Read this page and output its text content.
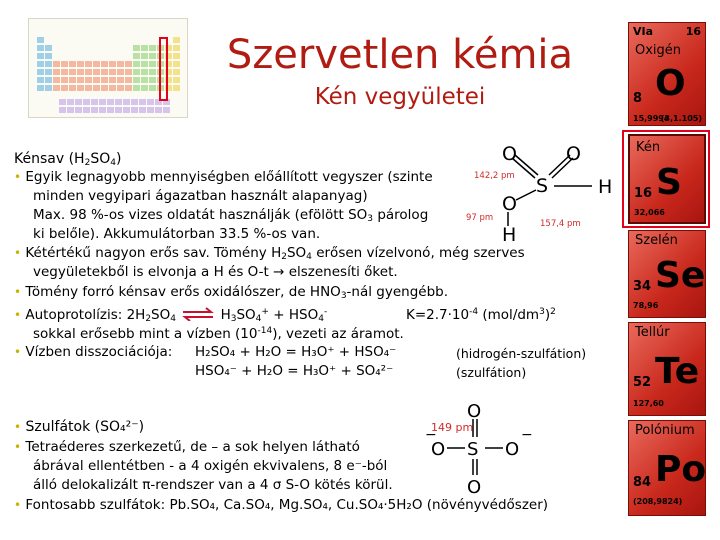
Szervetlen kémia
Kén vegyületei
Kénsav $(H_2SO_4)$
• Egyik legnagyobb mennyiségben előállított vegyszer (szinte
minden vegyipari ágazatban használt alapanyag)
Max. 98 %-os vizes oldatát használják (efölött $SO_3$ párolog
ki belőle). Akkumulátorban 33.5 %-os van.
• Kétértékű nagyon erős sav. Tömény $H_2SO_4$ erősen vízelvonó, még szerves
vegyületekből is elvonja a H és O-t → elszenesíti őket.
• Tömény forró kénsav erős oxidálószer, de $HNO_3$-nál gyengébb.
• Autoprotolízis: $2H_2SO_4$ ⇌ $H_3SO_4^+ + HSO_4^-$	$K=2.7\cdot 10^{-4}$ $(mol/dm^3)^2$
sokkal erősebb mint a vízben $(10^{-14})$, vezeti az áramot.
• Vízben disszociációja: H₂SO₄ + H₂O = H₃O⁺ + HSO₄⁻	(hidrogén-szulfátion)
HSO₄⁻ + H₂O = H₃O⁺ + SO₄²⁻	(szulfátion)
• Szulfátok (SO₄²⁻)
• Tetraéderes szerkezetű, de – a sok helyen látható
ábrával ellentétben - a 4 oxigén ekvivalens, 8 e⁻-ból
álló delokalizált π-rendszer van a 4 σ S-O kötés körül.
• Fontosabb szulfátok: Pb.SO₄, Ca.SO₄, Mg.SO₄, Cu.SO₄·5H₂O (növényvédőszer)
O	O
S
O
H
H
142,2 pm
97 pm
157,4 pm
O
O S O
O
−	−
149 pm
VIa	16
Oxigén
O
8
15,9994
(3,1.105)
Kén
S
16
32,066
Szelén
Se
34
78,96
Tellúr
Te
52
127,60
Polónium
Po
84
(208,9824)
